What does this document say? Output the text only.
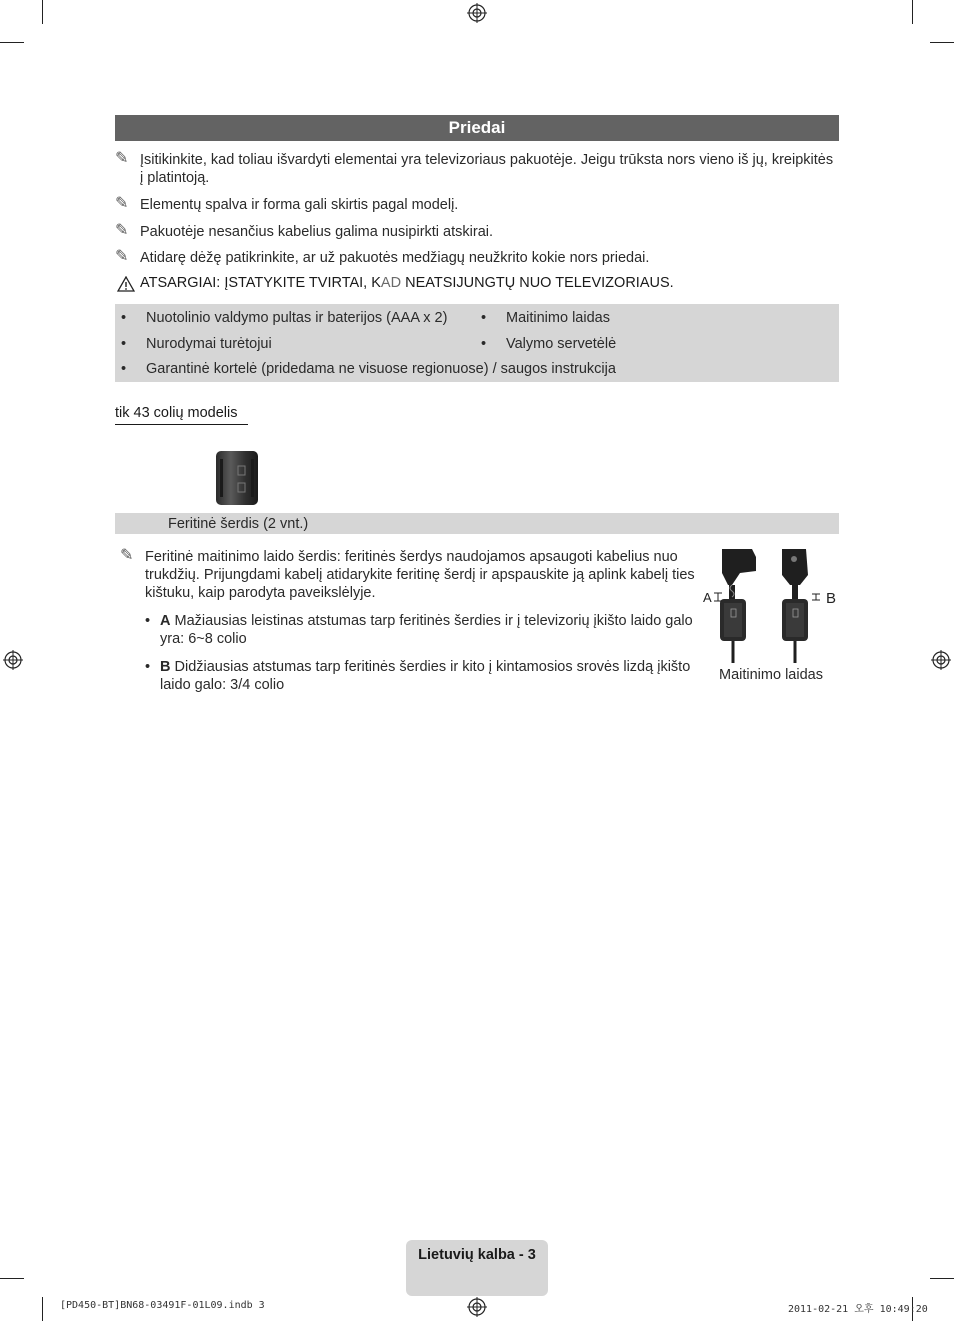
Priedai
✎ Įsitikinkite, kad toliau išvardyti elementai yra televizoriaus pakuotėje. Jeigu trūksta nors vieno iš jų, kreipkitės į platintoją.
✎ Elementų spalva ir forma gali skirtis pagal modelį.
✎ Pakuotėje nesančius kabelius galima nusipirkti atskirai.
✎ Atidarę dėžę patikrinkite, ar už pakuotės medžiagų neužkrito kokie nors priedai.
ATSARGIAI: ĮSTATYKITE TVIRTAI, KAD NEATSIJUNGTŲ NUO TELEVIZORIAUS.
• Nuotolinio valdymo pultas ir baterijos (AAA x 2) • Maitinimo laidas
• Nurodymai turėtojui	• Valymo servetėlė
• Garantinė kortelė (pridedama ne visuose regionuose) / saugos instrukcija
tik 43 colių modelis
Feritinė šerdis (2 vnt.)
✎ Feritinė maitinimo laido šerdis: feritinės šerdys naudojamos apsaugoti kabelius nuo trukdžių. Prijungdami kabelį atidarykite feritinę šerdį ir apspauskite ją aplink kabelį ties kištuku, kaip parodyta paveikslėlyje.
• A Mažiausias leistinas atstumas tarp feritinės šerdies ir į televizorių įkišto laido galo yra: 6~8 colio
• B Didžiausias atstumas tarp feritinės šerdies ir kito į kintamosios srovės lizdą įkišto laido galo: 3/4 colio
A	B
Maitinimo laidas
Lietuvių kalba - 3
[PD450-BT]BN68-03491F-01L09.indb 3	2011-02-21 오후 10:49:20
